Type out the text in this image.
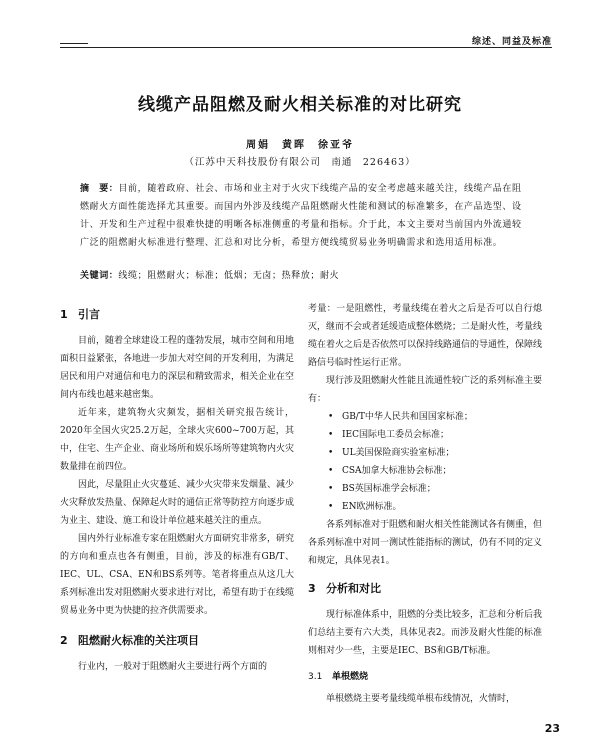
综述、同益及标准
线缆产品阻燃及耐火相关标准的对比研究
周娟　黄晖　徐亚爷
（江苏中天科技股份有限公司　南通　226463）
摘　要：目前，随着政府、社会、市场和业主对于火灾下线缆产品的安全考虑越来越关注，线缆产品在阻燃耐火方面性能选择尤其重要。而国内外涉及线缆产品阻燃耐火性能和测试的标准繁多，在产品选型、设计、开发和生产过程中很难快捷的明晰各标准侧重的考量和指标。介于此，本文主要对当前国内外流通较广泛的阻燃耐火标准进行整理、汇总和对比分析，希望方便线缆贸易业务明确需求和选用适用标准。
关键词：线缆；阻燃耐火；标准；低烟；无卤；热释放；耐火
1 引言

目前，随着全球建设工程的蓬勃发展，城市空间和用地面积日益紧张，各地进一步加大对空间的开发利用，为满足居民和用户对通信和电力的深层和精致需求，相关企业在空间内布线也越来越密集。

近年来，建筑物火灾频发，据相关研究报告统计，2020年全国火灾25.2万起，全球火灾600~700万起，其中，住宅、生产企业、商业场所和娱乐场所等建筑物内火灾数量排在前四位。

因此，尽量阻止火灾蔓延、减少火灾带来发烟量、减少火灾释放发热量、保障起火时的通信正常等防控方向逐步成为业主、建设、施工和设计单位越来越关注的重点。

国内外行业标准专家在阻燃耐火方面研究非常多，研究的方向和重点也各有侧重，目前，涉及的标准有GB/T、IEC、UL、CSA、EN和BS系列等。笔者将重点从这几大系列标准出发对阻燃耐火要求进行对比，希望有助于在线缆贸易业务中更为快捷的拉齐供需要求。

2 阻燃耐火标准的关注项目

行业内，一般对于阻燃耐火主要进行两个方面的

考量：一是阻燃性，考量线缆在着火之后是否可以自行熄灭，继而不会或者延缓造成整体燃烧；二是耐火性，考量线缆在着火之后是否依然可以保持线路通信的导通性，保障线路信号临时性运行正常。

现行涉及阻燃耐火性能且流通性较广泛的系列标准主要有：

• GB/T中华人民共和国国家标准；
• IEC国际电工委员会标准；
• UL美国保险商实验室标准；
• CSA加拿大标准协会标准；
• BS英国标准学会标准；
• EN欧洲标准。

各系列标准对于阻燃和耐火相关性能测试各有侧重，但各系列标准中对同一测试性能指标的测试，仍有不同的定义和规定，具体见表1。

3 分析和对比

现行标准体系中，阻燃的分类比较多，汇总和分析后我们总结主要有六大类，具体见表2。而涉及耐火性能的标准则相对少一些，主要是IEC、BS和GB/T标准。

3.1 单根燃烧

单根燃烧主要考量线缆单根布线情况，火情时，

23
